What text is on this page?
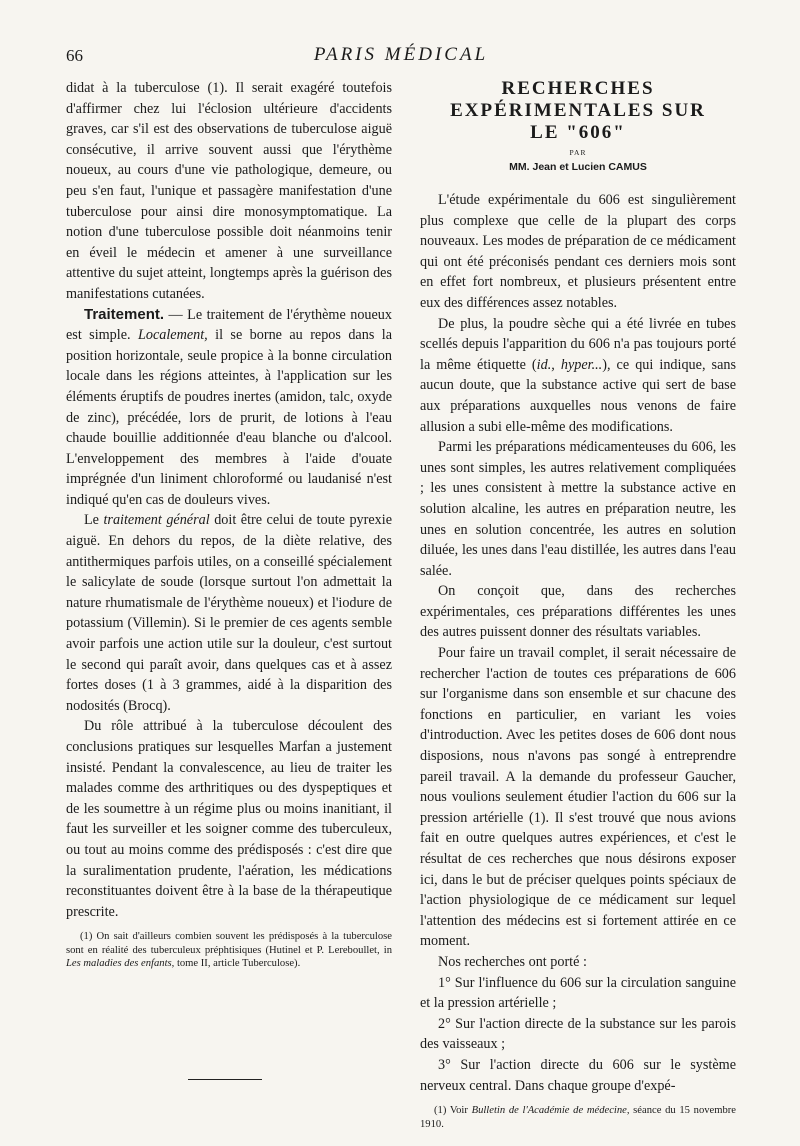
66	PARIS MÉDICAL

didat à la tuberculose (1). Il serait exagéré toutefois d'affirmer chez lui l'éclosion ultérieure d'accidents graves, car s'il est des observations de tuberculose aiguë consécutive, il arrive souvent aussi que l'érythème noueux, au cours d'une vie pathologique, demeure, ou peu s'en faut, l'unique et passagère manifestation d'une tuberculose pour ainsi dire monosymptomatique. La notion d'une tuberculose possible doit néanmoins tenir en éveil le médecin et amener à une surveillance attentive du sujet atteint, longtemps après la guérison des manifestations cutanées.

Traitement. — Le traitement de l'érythème noueux est simple. Localement, il se borne au repos dans la position horizontale, seule propice à la bonne circulation locale dans les régions atteintes, à l'application sur les éléments éruptifs de poudres inertes (amidon, talc, oxyde de zinc), précédée, lors de prurit, de lotions à l'eau chaude bouillie additionnée d'eau blanche ou d'alcool. L'enveloppement des membres à l'aide d'ouate imprégnée d'un liniment chloroformé ou laudanisé n'est indiqué qu'en cas de douleurs vives.

Le traitement général doit être celui de toute pyrexie aiguë. En dehors du repos, de la diète relative, des antithermiques parfois utiles, on a conseillé spécialement le salicylate de soude (lorsque surtout l'on admettait la nature rhumatismale de l'érythème noueux) et l'iodure de potassium (Villemin). Si le premier de ces agents semble avoir parfois une action utile sur la douleur, c'est surtout le second qui paraît avoir, dans quelques cas et à assez fortes doses (1 à 3 grammes, aidé à la disparition des nodosités (Brocq).

Du rôle attribué à la tuberculose découlent des conclusions pratiques sur lesquelles Marfan a justement insisté. Pendant la convalescence, au lieu de traiter les malades comme des arthritiques ou des dyspeptiques et de les soumettre à un régime plus ou moins inanitiant, il faut les surveiller et les soigner comme des tuberculeux, ou tout au moins comme des prédisposés : c'est dire que la suralimentation prudente, l'aération, les médications reconstituantes doivent être à la base de la thérapeutique prescrite.

(1) On sait d'ailleurs combien souvent les prédisposés à la tuberculose sont en réalité des tuberculeux préphtisiques (Hutinel et P. Lereboullet, in Les maladies des enfants, tome II, article Tuberculose).

RECHERCHES
EXPÉRIMENTALES SUR
LE "606"
PAR
MM. Jean et Lucien CAMUS

L'étude expérimentale du 606 est singulièrement plus complexe que celle de la plupart des corps nouveaux. Les modes de préparation de ce médicament qui ont été préconisés pendant ces derniers mois sont en effet fort nombreux, et plusieurs présentent entre eux des différences assez notables.

De plus, la poudre sèche qui a été livrée en tubes scellés depuis l'apparition du 606 n'a pas toujours porté la même étiquette (id., hyper...), ce qui indique, sans aucun doute, que la substance active qui sert de base aux préparations auxquelles nous venons de faire allusion a subi elle-même des modifications.

Parmi les préparations médicamenteuses du 606, les unes sont simples, les autres relativement compliquées ; les unes consistent à mettre la substance active en solution alcaline, les autres en préparation neutre, les unes en solution concentrée, les autres en solution diluée, les unes dans l'eau distillée, les autres dans l'eau salée.

On conçoit que, dans des recherches expérimentales, ces préparations différentes les unes des autres puissent donner des résultats variables.

Pour faire un travail complet, il serait nécessaire de rechercher l'action de toutes ces préparations de 606 sur l'organisme dans son ensemble et sur chacune des fonctions en particulier, en variant les voies d'introduction. Avec les petites doses de 606 dont nous disposions, nous n'avons pas songé à entreprendre pareil travail. A la demande du professeur Gaucher, nous voulions seulement étudier l'action du 606 sur la pression artérielle (1). Il s'est trouvé que nous avions fait en outre quelques autres expériences, et c'est le résultat de ces recherches que nous désirons exposer ici, dans le but de préciser quelques points spéciaux de l'action physiologique de ce médicament sur lequel l'attention des médecins est si fortement attirée en ce moment.

Nos recherches ont porté :

1° Sur l'influence du 606 sur la circulation sanguine et la pression artérielle ;

2° Sur l'action directe de la substance sur les parois des vaisseaux ;

3° Sur l'action directe du 606 sur le système nerveux central. Dans chaque groupe d'expé-

(1) Voir Bulletin de l'Académie de médecine, séance du 15 novembre 1910.
